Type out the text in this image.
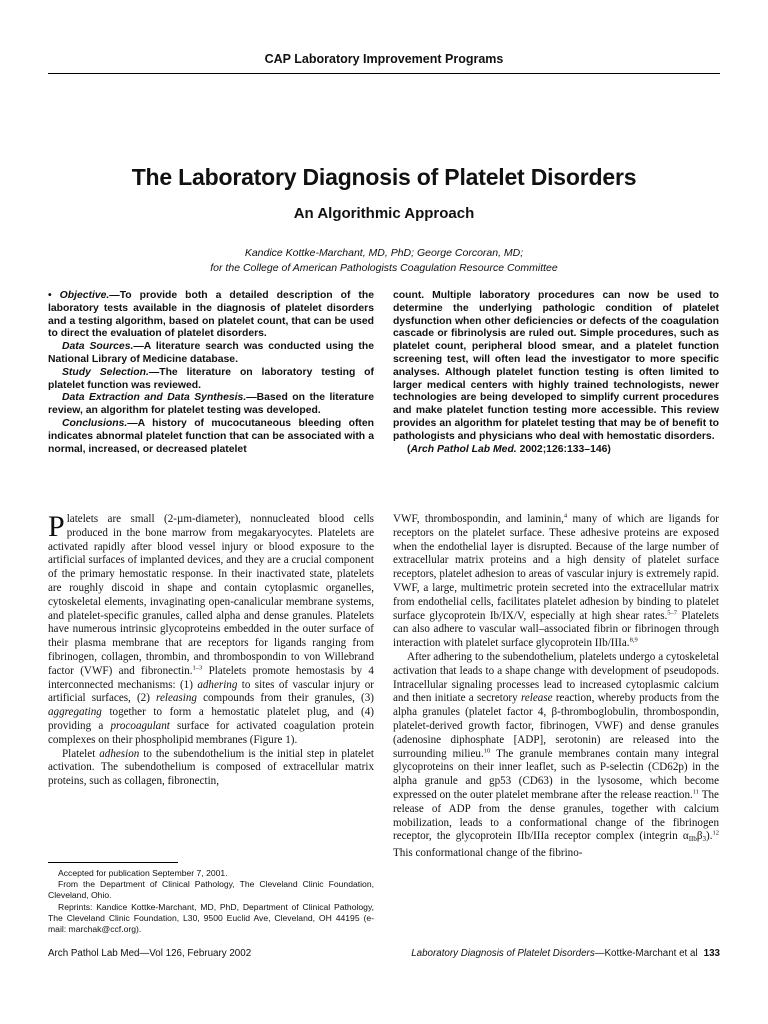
CAP Laboratory Improvement Programs
The Laboratory Diagnosis of Platelet Disorders
An Algorithmic Approach
Kandice Kottke-Marchant, MD, PhD; George Corcoran, MD;
for the College of American Pathologists Coagulation Resource Committee

• Objective.—To provide both a detailed description of the laboratory tests available in the diagnosis of platelet disorders and a testing algorithm, based on platelet count, that can be used to direct the evaluation of platelet disorders.

Data Sources.—A literature search was conducted using the National Library of Medicine database.

Study Selection.—The literature on laboratory testing of platelet function was reviewed.

Data Extraction and Data Synthesis.—Based on the literature review, an algorithm for platelet testing was developed.

Conclusions.—A history of mucocutaneous bleeding often indicates abnormal platelet function that can be associated with a normal, increased, or decreased platelet

count. Multiple laboratory procedures can now be used to determine the underlying pathologic condition of platelet dysfunction when other deficiencies or defects of the coagulation cascade or fibrinolysis are ruled out. Simple procedures, such as platelet count, peripheral blood smear, and a platelet function screening test, will often lead the investigator to more specific analyses. Although platelet function testing is often limited to larger medical centers with highly trained technologists, newer technologies are being developed to simplify current procedures and make platelet function testing more accessible. This review provides an algorithm for platelet testing that may be of benefit to pathologists and physicians who deal with hemostatic disorders.

(Arch Pathol Lab Med. 2002;126:133–146)

Platelets are small (2-µm-diameter), nonnucleated blood cells produced in the bone marrow from megakaryocytes. Platelets are activated rapidly after blood vessel injury or blood exposure to the artificial surfaces of implanted devices, and they are a crucial component of the primary hemostatic response. In their inactivated state, platelets are roughly discoid in shape and contain cytoplasmic organelles, cytoskeletal elements, invaginating open-canalicular membrane systems, and platelet-specific granules, called alpha and dense granules. Platelets have numerous intrinsic glycoproteins embedded in the outer surface of their plasma membrane that are receptors for ligands ranging from fibrinogen, collagen, thrombin, and thrombospondin to von Willebrand factor (VWF) and fibronectin.$^{1-3}$ Platelets promote hemostasis by 4 interconnected mechanisms: (1) adhering to sites of vascular injury or artificial surfaces, (2) releasing compounds from their granules, (3) aggregating together to form a hemostatic platelet plug, and (4) providing a procoagulant surface for activated coagulation protein complexes on their phospholipid membranes (Figure 1).

Platelet adhesion to the subendothelium is the initial step in platelet activation. The subendothelium is composed of extracellular matrix proteins, such as collagen, fibronectin,

VWF, thrombospondin, and laminin,$^4$ many of which are ligands for receptors on the platelet surface. These adhesive proteins are exposed when the endothelial layer is disrupted. Because of the large number of extracellular matrix proteins and a high density of platelet surface receptors, platelet adhesion to areas of vascular injury is extremely rapid. VWF, a large, multimetric protein secreted into the extracellular matrix from endothelial cells, facilitates platelet adhesion by binding to platelet surface glycoprotein Ib/IX/V, especially at high shear rates.$^{5-7}$ Platelets can also adhere to vascular wall–associated fibrin or fibrinogen through interaction with platelet surface glycoprotein IIb/IIIa.$^{8,9}$

After adhering to the subendothelium, platelets undergo a cytoskeletal activation that leads to a shape change with development of pseudopods. Intracellular signaling processes lead to increased cytoplasmic calcium and then initiate a secretory release reaction, whereby products from the alpha granules (platelet factor 4, β-thromboglobulin, thrombospondin, platelet-derived growth factor, fibrinogen, VWF) and dense granules (adenosine diphosphate [ADP], serotonin) are released into the surrounding milieu.$^{10}$ The granule membranes contain many integral glycoproteins on their inner leaflet, such as P-selectin (CD62p) in the alpha granule and gp53 (CD63) in the lysosome, which become expressed on the outer platelet membrane after the release reaction.$^{11}$ The release of ADP from the dense granules, together with calcium mobilization, leads to a conformational change of the fibrinogen receptor, the glycoprotein IIb/IIIa receptor complex (integrin $\alpha_{IIb}\beta_3).^{12}$ This conformational change of the fibrino-

Accepted for publication September 7, 2001.

From the Department of Clinical Pathology, The Cleveland Clinic Foundation, Cleveland, Ohio.

Reprints: Kandice Kottke-Marchant, MD, PhD, Department of Clinical Pathology, The Cleveland Clinic Foundation, L30, 9500 Euclid Ave, Cleveland, OH 44195 (e-mail: marchak@ccf.org).

Arch Pathol Lab Med—Vol 126, February 2002	Laboratory Diagnosis of Platelet Disorders—Kottke-Marchant et al 133
